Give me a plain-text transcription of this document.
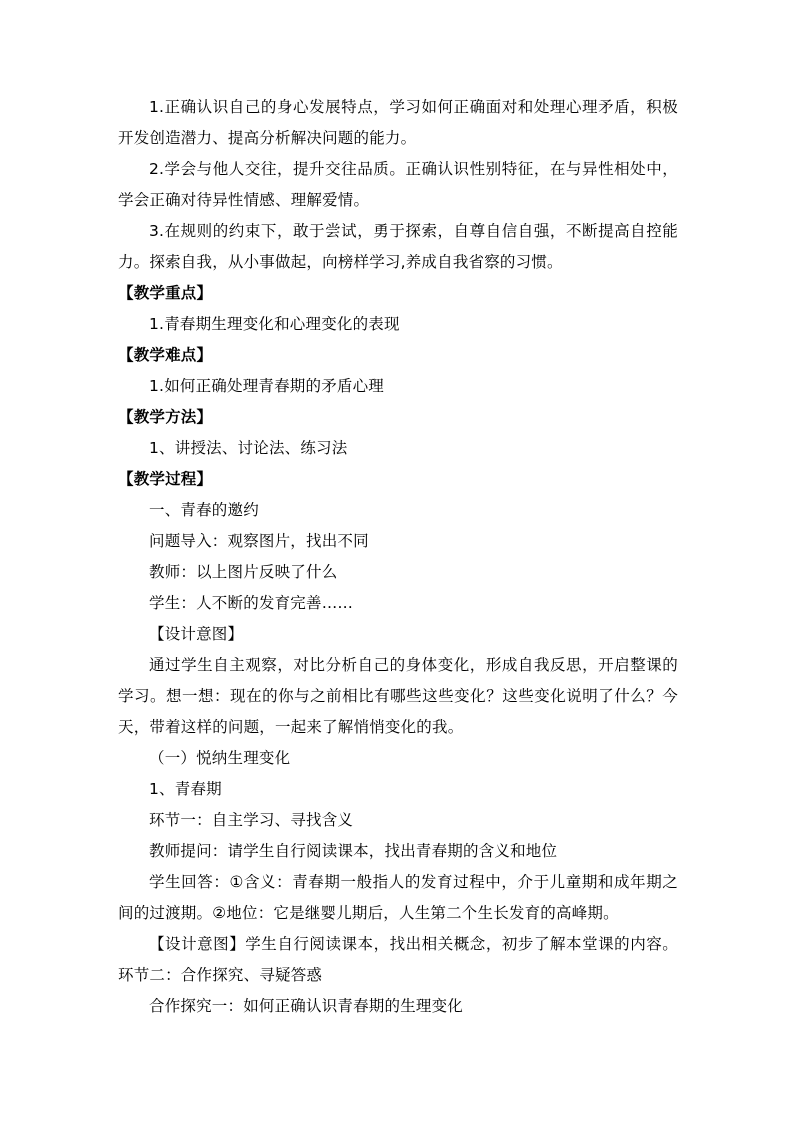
1.正确认识自己的身心发展特点，学习如何正确面对和处理心理矛盾，积极
开发创造潜力、提高分析解决问题的能力。
2.学会与他人交往，提升交往品质。正确认识性别特征，在与异性相处中，
学会正确对待异性情感、理解爱情。
3.在规则的约束下，敢于尝试，勇于探索，自尊自信自强，不断提高自控能
力。探索自我，从小事做起，向榜样学习,养成自我省察的习惯。
【教学重点】
1.青春期生理变化和心理变化的表现
【教学难点】
1.如何正确处理青春期的矛盾心理
【教学方法】
1、讲授法、讨论法、练习法
【教学过程】
一、青春的邀约
问题导入：观察图片，找出不同
教师：以上图片反映了什么
学生：人不断的发育完善……
【设计意图】
通过学生自主观察，对比分析自己的身体变化，形成自我反思，开启整课的
学习。想一想：现在的你与之前相比有哪些这些变化？这些变化说明了什么？今
天，带着这样的问题，一起来了解悄悄变化的我。
（一）悦纳生理变化
1、青春期
环节一：自主学习、寻找含义
教师提问：请学生自行阅读课本，找出青春期的含义和地位
学生回答：①含义：青春期一般指人的发育过程中，介于儿童期和成年期之
间的过渡期。②地位：它是继婴儿期后，人生第二个生长发育的高峰期。
【设计意图】学生自行阅读课本，找出相关概念，初步了解本堂课的内容。
环节二：合作探究、寻疑答惑
合作探究一：如何正确认识青春期的生理变化
